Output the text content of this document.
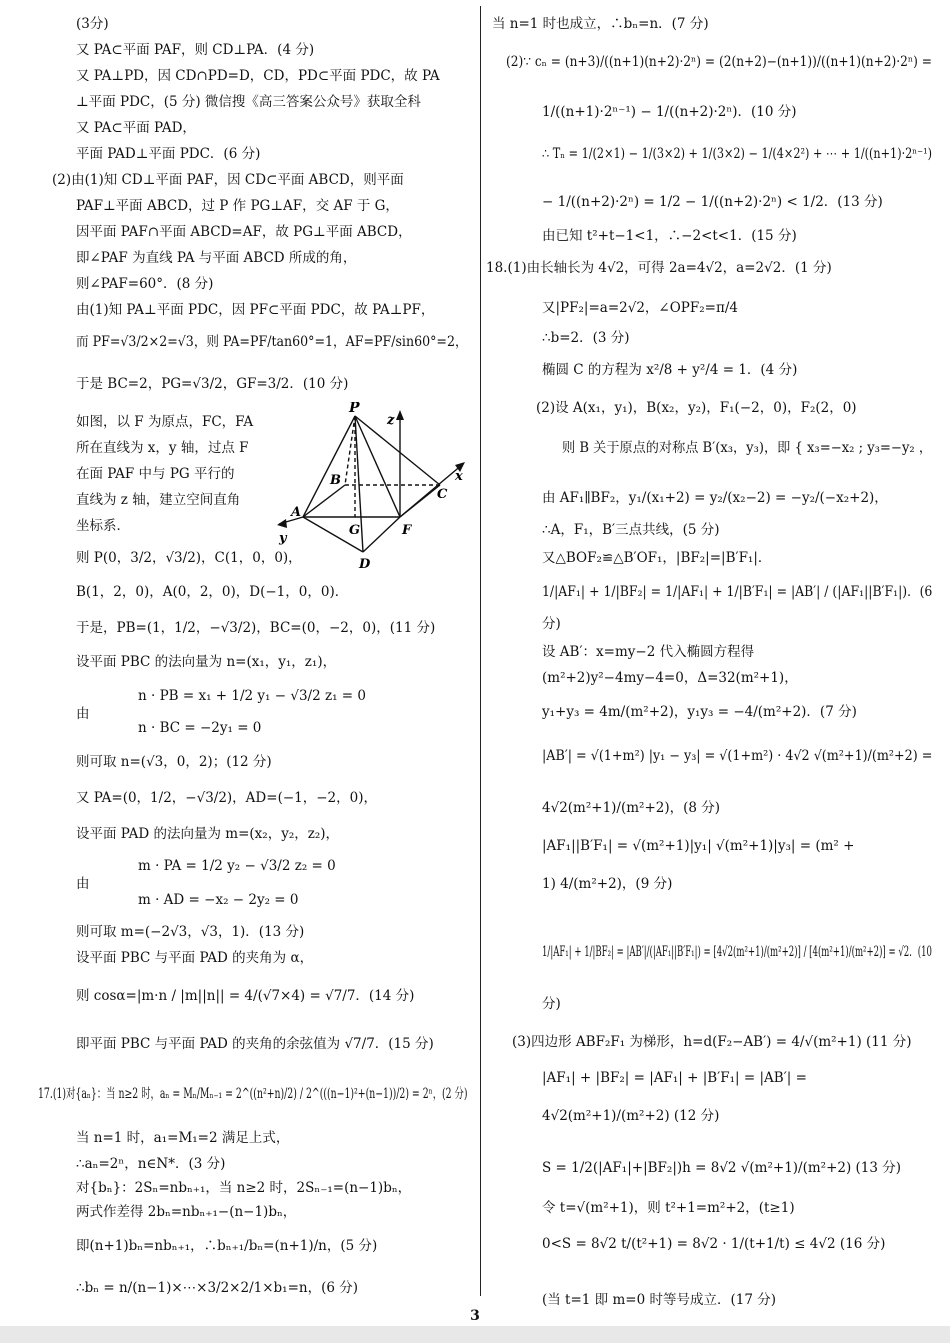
(3分)
又 PA⊂平面 PAF，则 CD⊥PA．(4 分)
又 PA⊥PD，因 CD∩PD=D，CD，PD⊂平面 PDC，故 PA
⊥平面 PDC，(5 分) 微信搜《高三答案公众号》获取全科
又 PA⊂平面 PAD，
平面 PAD⊥平面 PDC．(6 分)
(2)由(1)知 CD⊥平面 PAF，因 CD⊂平面 ABCD，则平面
PAF⊥平面 ABCD，过 P 作 PG⊥AF，交 AF 于 G，
因平面 PAF∩平面 ABCD=AF，故 PG⊥平面 ABCD，
即∠PAF 为直线 PA 与平面 ABCD 所成的角，
则∠PAF=60°．(8 分)
由(1)知 PA⊥平面 PDC，因 PF⊂平面 PDC，故 PA⊥PF，
而 PF=√3/2×2=√3，则 PA=PF/tan60°=1，AF=PF/sin60°=2，
于是 BC=2，PG=√3/2，GF=3/2．(10 分)
如图，以 F 为原点，FC，FA
所在直线为 x，y 轴，过点 F
在面 PAF 中与 PG 平行的
直线为 z 轴，建立空间直角
坐标系．
则 P(0，3/2，√3/2)，C(1，0，0)，
B(1，2，0)，A(0，2，0)，D(−1，0，0)．
于是，PB=(1，1/2，−√3/2)，BC=(0，−2，0)，(11 分)
设平面 PBC 的法向量为 n=(x₁，y₁，z₁)，
n · PB = x₁ + 1/2 y₁ − √3/2 z₁ = 0
由
n · BC = −2y₁ = 0
则可取 n=(√3，0，2)；(12 分)
又 PA=(0，1/2，−√3/2)，AD=(−1，−2，0)，
设平面 PAD 的法向量为 m=(x₂，y₂，z₂)，
m · PA = 1/2 y₂ − √3/2 z₂ = 0
由
m · AD = −x₂ − 2y₂ = 0
则可取 m=(−2√3，√3，1)．(13 分)
设平面 PBC 与平面 PAD 的夹角为 α，
则 cosα=|m·n / |m||n|| = 4/(√7×4) = √7/7．(14 分)
即平面 PBC 与平面 PAD 的夹角的余弦值为 √7/7．(15 分)
17.(1)对{aₙ}：当 n≥2 时，aₙ = Mₙ/Mₙ₋₁ = 2^((n²+n)/2) / 2^(((n−1)²+(n−1))/2) = 2ⁿ，(2 分)
当 n=1 时，a₁=M₁=2 满足上式，
∴aₙ=2ⁿ，n∈N*．(3 分)
对{bₙ}：2Sₙ=nbₙ₊₁，当 n≥2 时，2Sₙ₋₁=(n−1)bₙ，
两式作差得 2bₙ=nbₙ₊₁−(n−1)bₙ，
即(n+1)bₙ=nbₙ₊₁，∴bₙ₊₁/bₙ=(n+1)/n，(5 分)
∴bₙ = n/(n−1)×⋯×3/2×2/1×b₁=n，(6 分)
当 n=1 时也成立，∴bₙ=n．(7 分)
(2)∵ cₙ = (n+3)/((n+1)(n+2)·2ⁿ) = (2(n+2)−(n+1))/((n+1)(n+2)·2ⁿ) =
1/((n+1)·2ⁿ⁻¹) − 1/((n+2)·2ⁿ)．(10 分)
∴ Tₙ = 1/(2×1) − 1/(3×2) + 1/(3×2) − 1/(4×2²) + ⋯ + 1/((n+1)·2ⁿ⁻¹)
− 1/((n+2)·2ⁿ) = 1/2 − 1/((n+2)·2ⁿ) < 1/2．(13 分)
由已知 t²+t−1<1，∴−2<t<1．(15 分)
18.(1)由长轴长为 4√2，可得 2a=4√2，a=2√2．(1 分)
又|PF₂|=a=2√2，∠OPF₂=π/4
∴b=2．(3 分)
椭圆 C 的方程为 x²/8 + y²/4 = 1．(4 分)
(2)设 A(x₁，y₁)，B(x₂，y₂)，F₁(−2，0)，F₂(2，0)
则 B 关于原点的对称点 B′(x₃，y₃)，即 { x₃=−x₂ ; y₃=−y₂ ，
由 AF₁∥BF₂，y₁/(x₁+2) = y₂/(x₂−2) = −y₂/(−x₂+2)，
∴A，F₁，B′三点共线，(5 分)
又△BOF₂≌△B′OF₁，|BF₂|=|B′F₁|．
1/|AF₁| + 1/|BF₂| = 1/|AF₁| + 1/|B′F₁| = |AB′| / (|AF₁||B′F₁|)．(6
分)
设 AB′：x=my−2 代入椭圆方程得
(m²+2)y²−4my−4=0，Δ=32(m²+1)，
y₁+y₃ = 4m/(m²+2)，y₁y₃ = −4/(m²+2)．(7 分)
|AB′| = √(1+m²) |y₁ − y₃| = √(1+m²) · 4√2 √(m²+1)/(m²+2) =
4√2(m²+1)/(m²+2)，(8 分)
|AF₁||B′F₁| = √(m²+1)|y₁| √(m²+1)|y₃| = (m² +
1) 4/(m²+2)，(9 分)
1/|AF₁| + 1/|BF₂| = |AB′|/(|AF₁||B′F₁|) = [4√2(m²+1)/(m²+2)] / [4(m²+1)/(m²+2)] = √2．(10
分)
(3)四边形 ABF₂F₁ 为梯形，h=d(F₂−AB′) = 4/√(m²+1) (11 分)
|AF₁| + |BF₂| = |AF₁| + |B′F₁| = |AB′| =
4√2(m²+1)/(m²+2) (12 分)
S = 1/2(|AF₁|+|BF₂|)h = 8√2 √(m²+1)/(m²+2) (13 分)
令 t=√(m²+1)，则 t²+1=m²+2，(t≥1)
0<S = 8√2 t/(t²+1) = 8√2 · 1/(t+1/t) ≤ 4√2 (16 分)
(当 t=1 即 m=0 时等号成立．(17 分)
P
z
B
C
x
A
G	F
y
D
3
